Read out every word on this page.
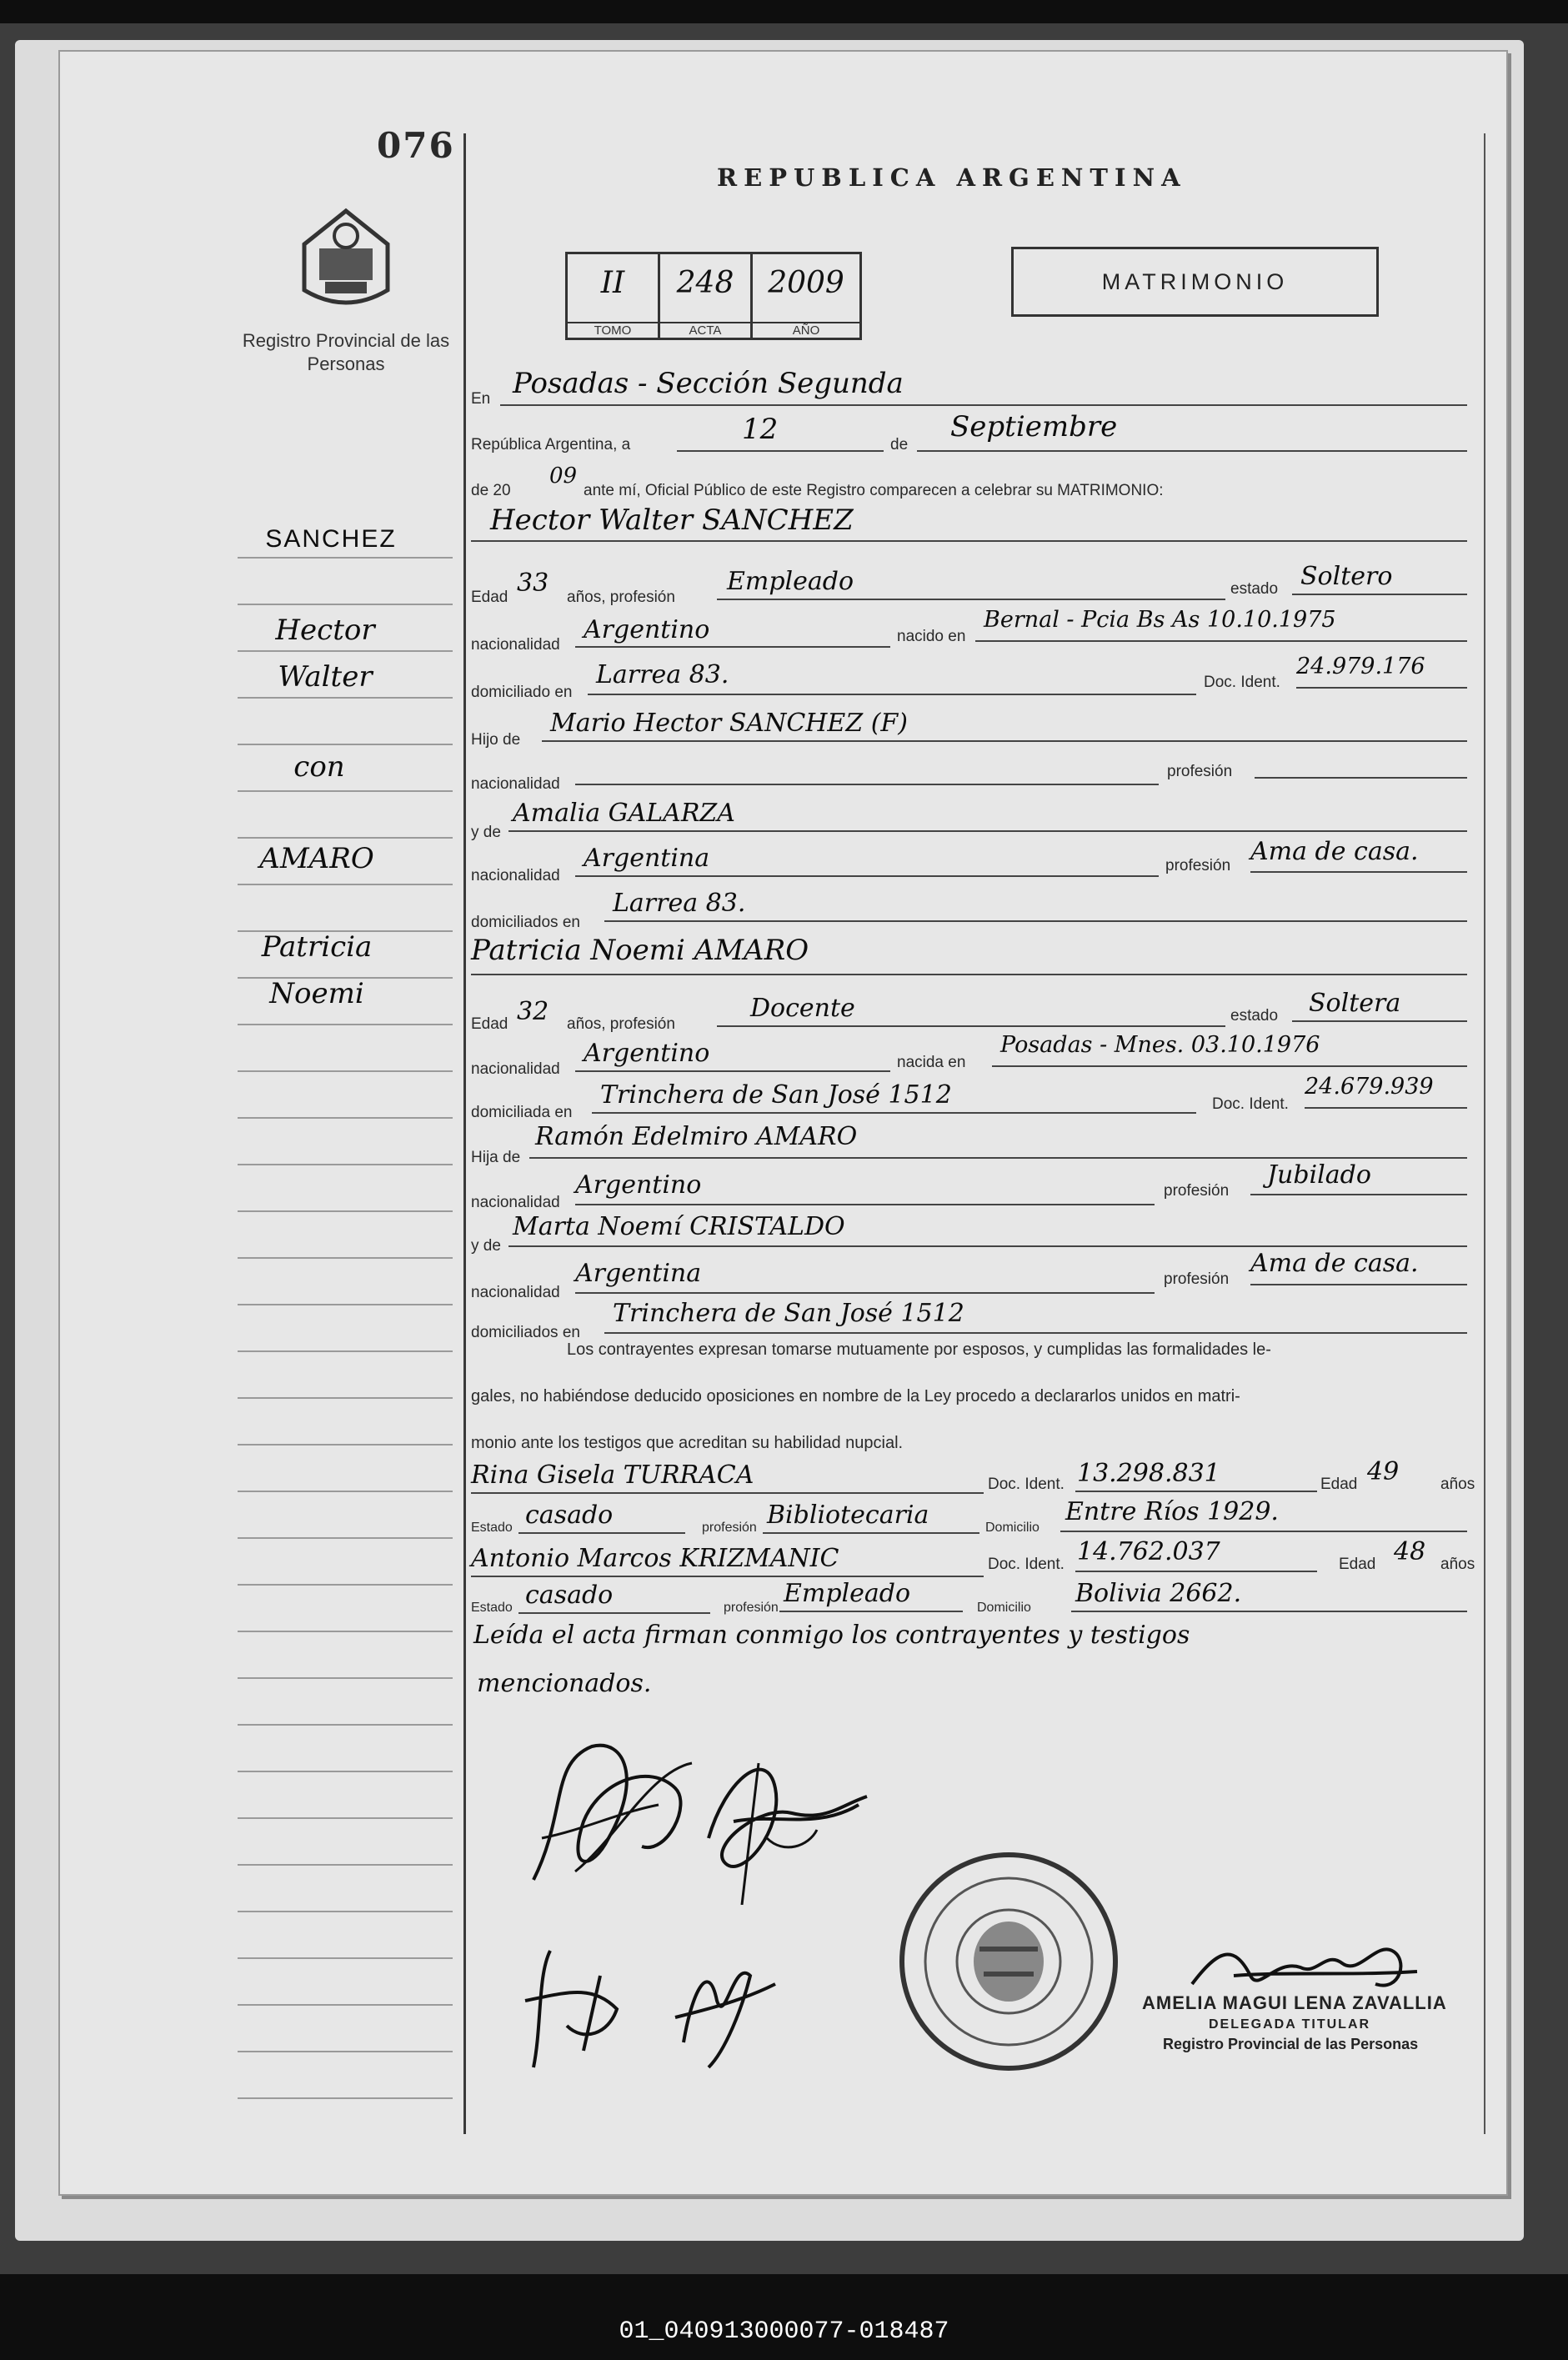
076
Registro Provincial de las Personas
REPUBLICA ARGENTINA
II
TOMO
248
ACTA
2009
AÑO
MATRIMONIO
En Posadas - Sección Segunda
República Argentina, a	12	de
Septiembre
de 20
09
ante mí, Oficial Público de este Registro comparecen a celebrar su MATRIMONIO:
Hector Walter SANCHEZ
Edad 33 años, profesión
Empleado	estado Soltero
nacionalidad
Argentino	nacido en
Bernal - Pcia Bs As 10.10.1975
domiciliado en
Larrea 83.	Doc. Ident.
24.979.176
Hijo de
Mario Hector SANCHEZ (F)
nacionalidad
profesión
y de
Amalia GALARZA
nacionalidad
Argentina	profesión Ama de casa.
domiciliados en
Larrea 83.
Patricia Noemi AMARO
Edad 32 años, profesión
Docente	estado Soltera
nacionalidad
Argentino	nacida en
Posadas - Mnes. 03.10.1976
domiciliada en
Trinchera de San José 1512	Doc. Ident.
24.679.939
Hija de
Ramón Edelmiro AMARO
nacionalidad
Argentino	profesión
Jubilado
y de
Marta Noemí CRISTALDO
nacionalidad
Argentina	profesión
Ama de casa.
domiciliados en
Trinchera de San José 1512
Los contrayentes expresan tomarse mutuamente por esposos, y cumplidas las formalidades le-
gales, no habiéndose deducido oposiciones en nombre de la Ley procedo a declararlos unidos en matri-
monio ante los testigos que acreditan su habilidad nupcial.
Rina Gisela TURRACA	Doc. Ident. 13.298.831	Edad 49	años
Estado casado	profesión Bibliotecaria	Domicilio
Entre Ríos 1929.
Antonio Marcos KRIZMANIC	Doc. Ident. 14.762.037	Edad 48 años
Estado casado	profesión Empleado	Domicilio Bolivia 2662.
Leída el acta firman conmigo los contrayentes y testigos
mencionados.
AMELIA MAGUI LENA ZAVALLIA
DELEGADA TITULAR
Registro Provincial de las Personas
SANCHEZ
Hector
Walter
con
AMARO
Patricia
Noemi
01_040913000077-018487
